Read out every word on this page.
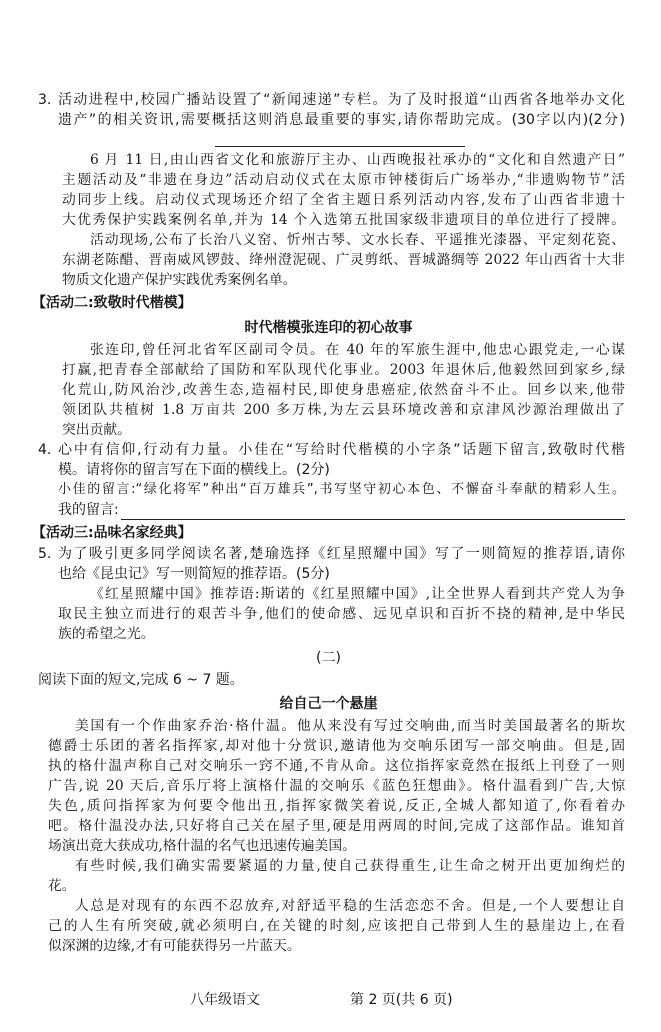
3. 活动进程中,校园广播站设置了“新闻速递”专栏。为了及时报道“山西省各地举办文化
遗产”的相关资讯,需要概括这则消息最重要的事实,请你帮助完成。(30字以内)(2分)
6 月 11 日,由山西省文化和旅游厅主办、山西晚报社承办的“文化和自然遗产日”
主题活动及“非遗在身边”活动启动仪式在太原市钟楼街后广场举办,“非遗购物节”活
动同步上线。启动仪式现场还介绍了全省主题日系列活动内容,发布了山西省非遗十
大优秀保护实践案例名单,并为 14 个入选第五批国家级非遗项目的单位进行了授牌。
活动现场,公布了长治八义窑、忻州古琴、文水长春、平遥推光漆器、平定刻花瓷、
东湖老陈醋、晋南威风锣鼓、绛州澄泥砚、广灵剪纸、晋城潞绸等 2022 年山西省十大非
物质文化遗产保护实践优秀案例名单。
【活动二:致敬时代楷模】
时代楷模张连印的初心故事
张连印,曾任河北省军区副司令员。在 40 年的军旅生涯中,他忠心跟党走,一心谋
打赢,把青春全部献给了国防和军队现代化事业。2003 年退休后,他毅然回到家乡,绿
化荒山,防风治沙,改善生态,造福村民,即使身患癌症,依然奋斗不止。回乡以来,他带
领团队共植树 1.8 万亩共 200 多万株,为左云县环境改善和京津风沙源治理做出了
突出贡献。
4. 心中有信仰,行动有力量。小佳在“写给时代楷模的小字条”话题下留言,致敬时代楷
模。请将你的留言写在下面的横线上。(2分)
小佳的留言:“绿化将军”种出“百万雄兵”,书写坚守初心本色、不懈奋斗奉献的精彩人生。
我的留言:
【活动三:品味名家经典】
5. 为了吸引更多同学阅读名著,楚瑜选择《红星照耀中国》写了一则简短的推荐语,请你
也给《昆虫记》写一则简短的推荐语。(5分)
《红星照耀中国》推荐语:斯诺的《红星照耀中国》,让全世界人看到共产党人为争
取民主独立而进行的艰苦斗争,他们的使命感、远见卓识和百折不挠的精神,是中华民
族的希望之光。
(二)
阅读下面的短文,完成 6 ~ 7 题。
给自己一个悬崖
美国有一个作曲家乔治·格什温。他从来没有写过交响曲,而当时美国最著名的斯坎
德爵士乐团的著名指挥家,却对他十分赏识,邀请他为交响乐团写一部交响曲。但是,固
执的格什温声称自己对交响乐一窍不通,不肯从命。这位指挥家竟然在报纸上刊登了一则
广告,说 20 天后,音乐厅将上演格什温的交响乐《蓝色狂想曲》。格什温看到广告,大惊
失色,质问指挥家为何要令他出丑,指挥家微笑着说,反正,全城人都知道了,你看着办
吧。格什温没办法,只好将自己关在屋子里,硬是用两周的时间,完成了这部作品。谁知首
场演出竟大获成功,格什温的名气也迅速传遍美国。
有些时候,我们确实需要紧逼的力量,使自己获得重生,让生命之树开出更加绚烂的
花。
人总是对现有的东西不忍放弃,对舒适平稳的生活恋恋不舍。但是,一个人要想让自
己的人生有所突破,就必须明白,在关键的时刻,应该把自己带到人生的悬崖边上,在看
似深渊的边缘,才有可能获得另一片蓝天。
八年级语文	第 2 页(共 6 页)
